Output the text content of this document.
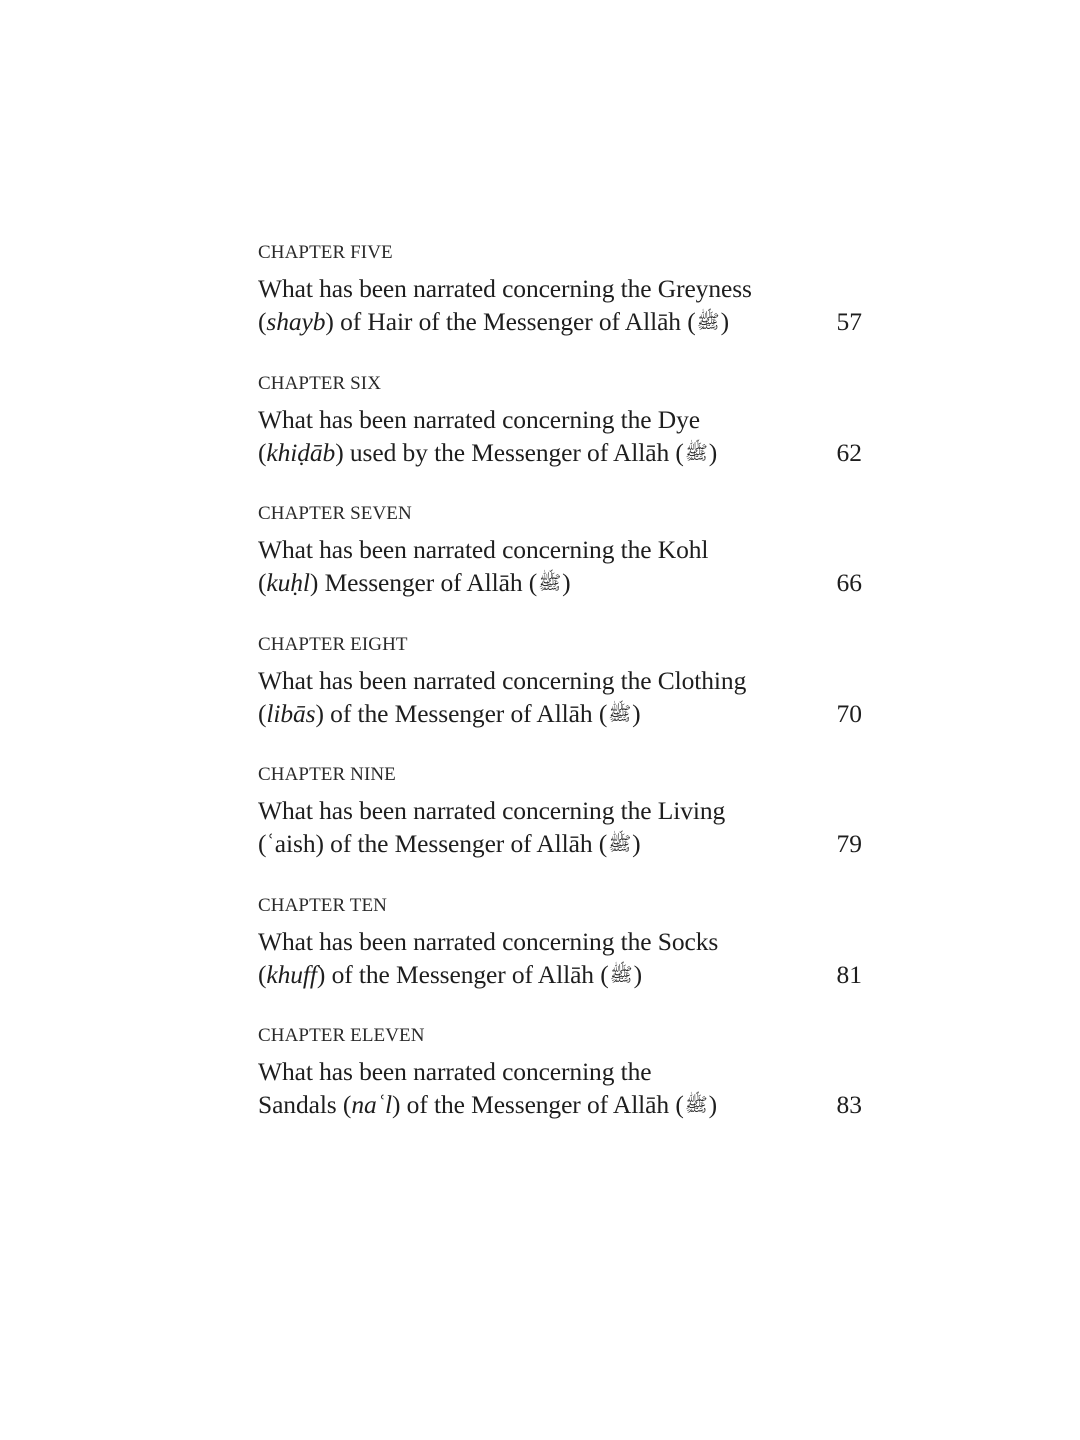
CHAPTER FIVE
What has been narrated concerning the Greyness
(shayb) of Hair of the Messenger of Allāh (ﷺ)	57
CHAPTER SIX
What has been narrated concerning the Dye
(khiḍāb) used by the Messenger of Allāh (ﷺ)	62
CHAPTER SEVEN
What has been narrated concerning the Kohl
(kuḥl) Messenger of Allāh (ﷺ)	66
CHAPTER EIGHT
What has been narrated concerning the Clothing
(libās) of the Messenger of Allāh (ﷺ)	70
CHAPTER NINE
What has been narrated concerning the Living
(ʿaish) of the Messenger of Allāh (ﷺ)	79
CHAPTER TEN
What has been narrated concerning the Socks
(khuff) of the Messenger of Allāh (ﷺ)	81
CHAPTER ELEVEN
What has been narrated concerning the
Sandals (naʿl) of the Messenger of Allāh (ﷺ)	83
